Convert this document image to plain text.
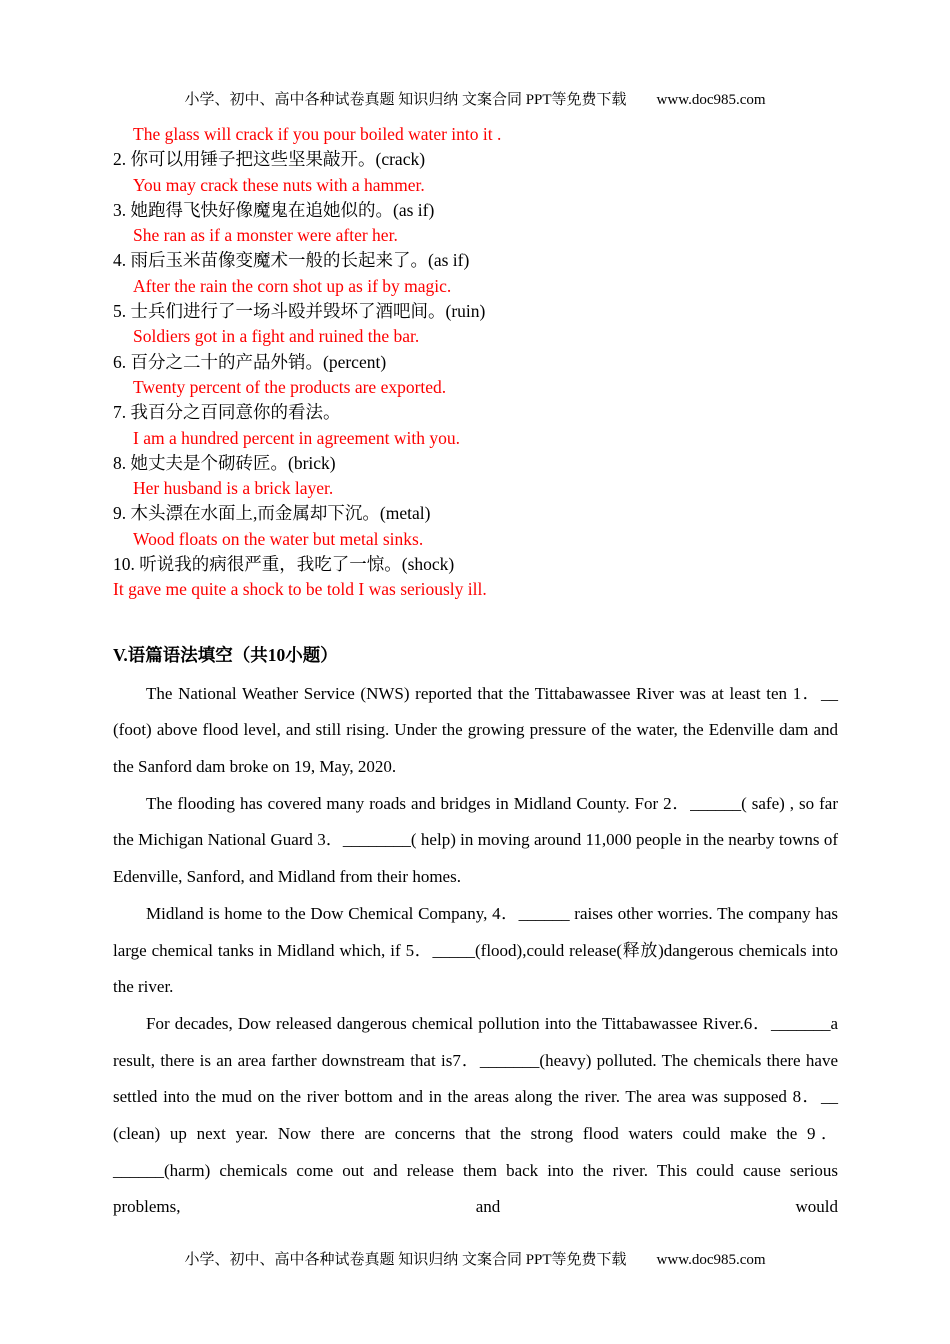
小学、初中、高中各种试卷真题 知识归纳 文案合同 PPT等免费下载 www.doc985.com
The glass will crack if you pour boiled water into it .
2. 你可以用锤子把这些坚果敲开。(crack)
You may crack these nuts with a hammer.
3. 她跑得飞快好像魔鬼在追她似的。(as if)
She ran as if a monster were after her.
4. 雨后玉米苗像变魔术一般的长起来了。(as if)
After the rain the corn shot up as if by magic.
5. 士兵们进行了一场斗殴并毁坏了酒吧间。(ruin)
Soldiers got in a fight and ruined the bar.
6. 百分之二十的产品外销。(percent)
Twenty percent of the products are exported.
7. 我百分之百同意你的看法。
I am a hundred percent in agreement with you.
8. 她丈夫是个砌砖匠。(brick)
Her husband is a brick layer.
9. 木头漂在水面上,而金属却下沉。(metal)
Wood floats on the water but metal sinks.
10. 听说我的病很严重，我吃了一惊。(shock)
It gave me quite a shock to be told I was seriously ill.
V.语篇语法填空（共10小题）

The National Weather Service (NWS) reported that the Tittabawassee River was at least ten 1．__ (foot) above flood level, and still rising. Under the growing pressure of the water, the Edenville dam and the Sanford dam broke on 19, May, 2020.

The flooding has covered many roads and bridges in Midland County. For 2．______( safe) , so far the Michigan National Guard 3．________( help) in moving around 11,000 people in the nearby towns of Edenville, Sanford, and Midland from their homes.

Midland is home to the Dow Chemical Company, 4．______ raises other worries. The company has large chemical tanks in Midland which, if 5．_____(flood),could release(释放)dangerous chemicals into the river.

For decades, Dow released dangerous chemical pollution into the Tittabawassee River.6．_______a result, there is an area farther downstream that is7．_______(heavy) polluted. The chemicals there have settled into the mud on the river bottom and in the areas along the river. The area was supposed 8．__ (clean) up next year. Now there are concerns that the strong flood waters could make the 9．______(harm) chemicals come out and release them back into the river. This could cause serious problems, and would

小学、初中、高中各种试卷真题 知识归纳 文案合同 PPT等免费下载 www.doc985.com
